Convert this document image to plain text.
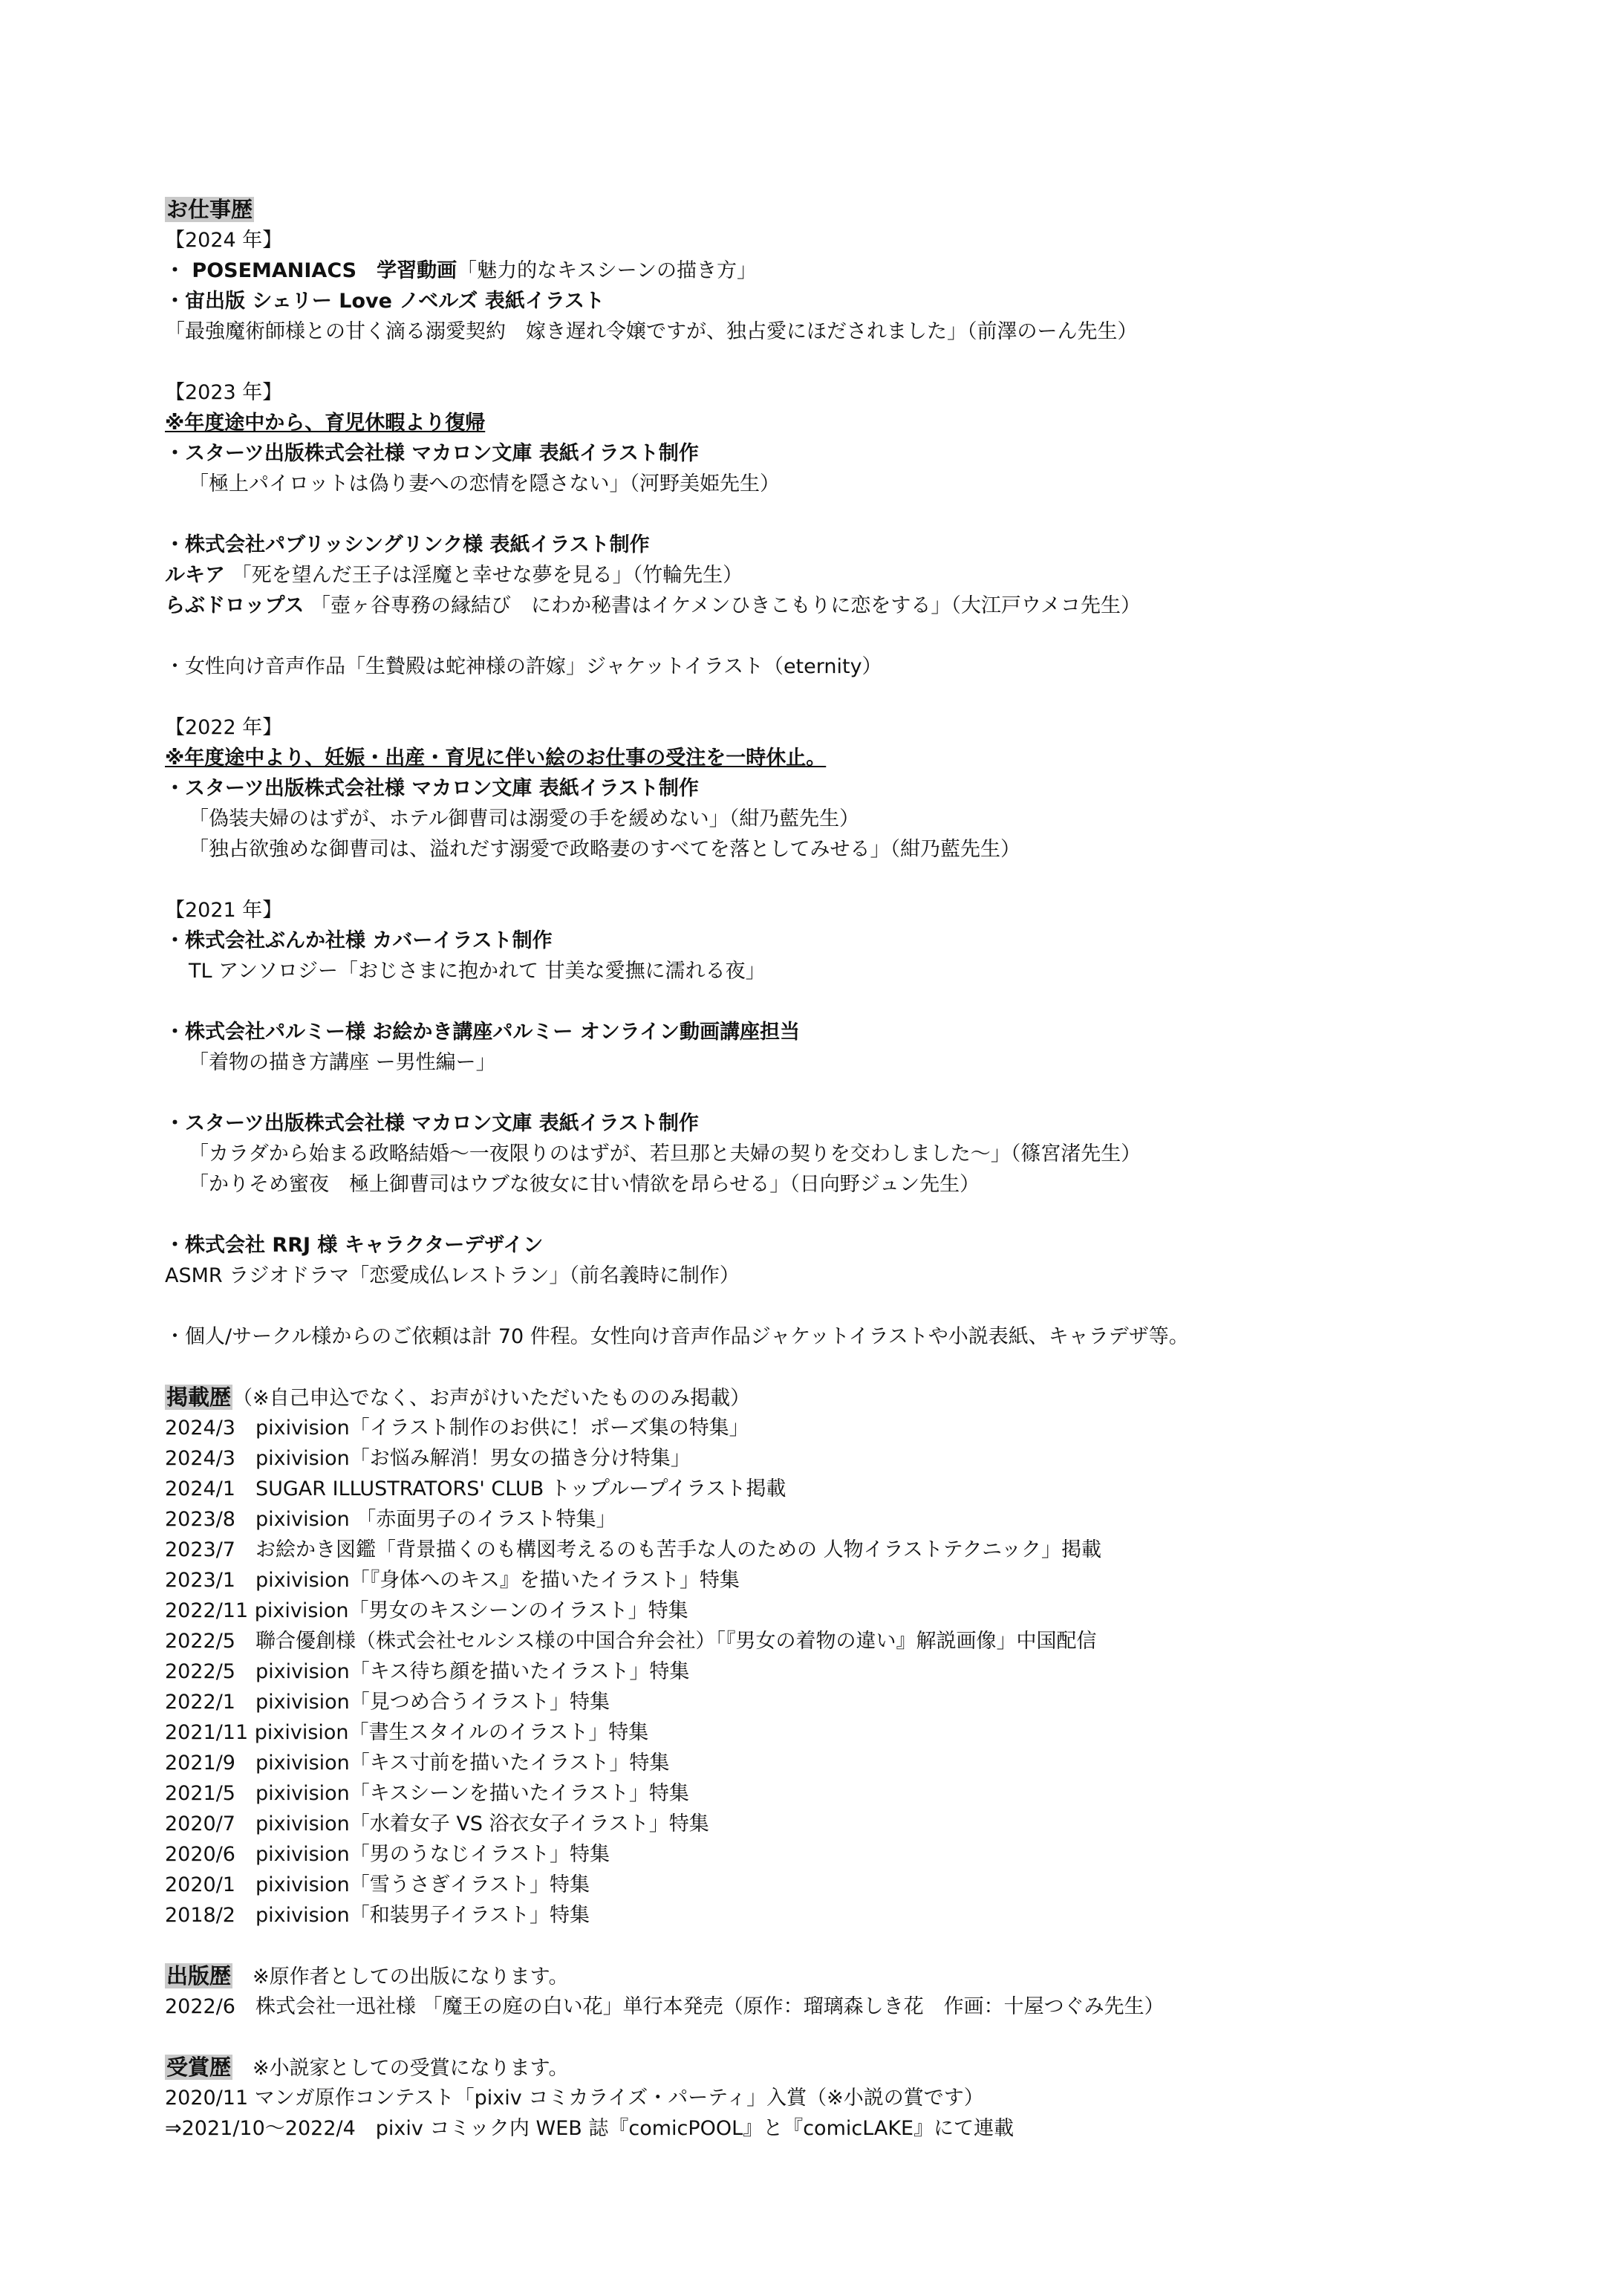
お仕事歴
【2024 年】
・ POSEMANIACS　学習動画「魅力的なキスシーンの描き方」
・宙出版 シェリー Love ノベルズ 表紙イラスト
「最強魔術師様との甘く滴る溺愛契約　嫁き遅れ令嬢ですが、独占愛にほだされました」（前澤のーん先生）
【2023 年】
※年度途中から、育児休暇より復帰
・スターツ出版株式会社様 マカロン文庫 表紙イラスト制作
「極上パイロットは偽り妻への恋情を隠さない」（河野美姫先生）
・株式会社パブリッシングリンク様 表紙イラスト制作
ルキア 「死を望んだ王子は淫魔と幸せな夢を見る」（竹輪先生）
らぶドロップス 「壺ヶ谷専務の縁結び　にわか秘書はイケメンひきこもりに恋をする」（大江戸ウメコ先生）
・女性向け音声作品「生贄殿は蛇神様の許嫁」ジャケットイラスト（eternity）
【2022 年】
※年度途中より、妊娠・出産・育児に伴い絵のお仕事の受注を一時休止。
・スターツ出版株式会社様 マカロン文庫 表紙イラスト制作
「偽装夫婦のはずが、ホテル御曹司は溺愛の手を緩めない」（紺乃藍先生）
「独占欲強めな御曹司は、溢れだす溺愛で政略妻のすべてを落としてみせる」（紺乃藍先生）
【2021 年】
・株式会社ぶんか社様 カバーイラスト制作
TL アンソロジー「おじさまに抱かれて 甘美な愛撫に濡れる夜」
・株式会社パルミー様 お絵かき講座パルミー オンライン動画講座担当
「着物の描き方講座 ー男性編ー」
・スターツ出版株式会社様 マカロン文庫 表紙イラスト制作
「カラダから始まる政略結婚〜一夜限りのはずが、若旦那と夫婦の契りを交わしました〜」（篠宮渚先生）
「かりそめ蜜夜　極上御曹司はウブな彼女に甘い情欲を昂らせる」（日向野ジュン先生）
・株式会社 RRJ 様 キャラクターデザイン
ASMR ラジオドラマ「恋愛成仏レストラン」（前名義時に制作）
・個人/サークル様からのご依頼は計 70 件程。女性向け音声作品ジャケットイラストや小説表紙、キャラデザ等。
掲載歴（※自己申込でなく、お声がけいただいたもののみ掲載）
2024/3　pixivision「イラスト制作のお供に！ポーズ集の特集」
2024/3　pixivision「お悩み解消！男女の描き分け特集」
2024/1　SUGAR ILLUSTRATORS' CLUB トップループイラスト掲載
2023/8　pixivision 「赤面男子のイラスト特集」
2023/7　お絵かき図鑑「背景描くのも構図考えるのも苦手な人のための 人物イラストテクニック」掲載
2023/1　pixivision「『身体へのキス』を描いたイラスト」特集
2022/11 pixivision「男女のキスシーンのイラスト」特集
2022/5　聯合優創様（株式会社セルシス様の中国合弁会社）「『男女の着物の違い』解説画像」中国配信
2022/5　pixivision「キス待ち顔を描いたイラスト」特集
2022/1　pixivision「見つめ合うイラスト」特集
2021/11 pixivision「書生スタイルのイラスト」特集
2021/9　pixivision「キス寸前を描いたイラスト」特集
2021/5　pixivision「キスシーンを描いたイラスト」特集
2020/7　pixivision「水着女子 VS 浴衣女子イラスト」特集
2020/6　pixivision「男のうなじイラスト」特集
2020/1　pixivision「雪うさぎイラスト」特集
2018/2　pixivision「和装男子イラスト」特集
出版歴　 ※原作者としての出版になります。
2022/6　株式会社一迅社様 「魔王の庭の白い花」単行本発売（原作：瑠璃森しき花　作画：十屋つぐみ先生）
受賞歴　 ※小説家としての受賞になります。
2020/11 マンガ原作コンテスト「pixiv コミカライズ・パーティ」入賞（※小説の賞です）
⇒2021/10〜2022/4　pixiv コミック内 WEB 誌『comicPOOL』と『comicLAKE』にて連載
